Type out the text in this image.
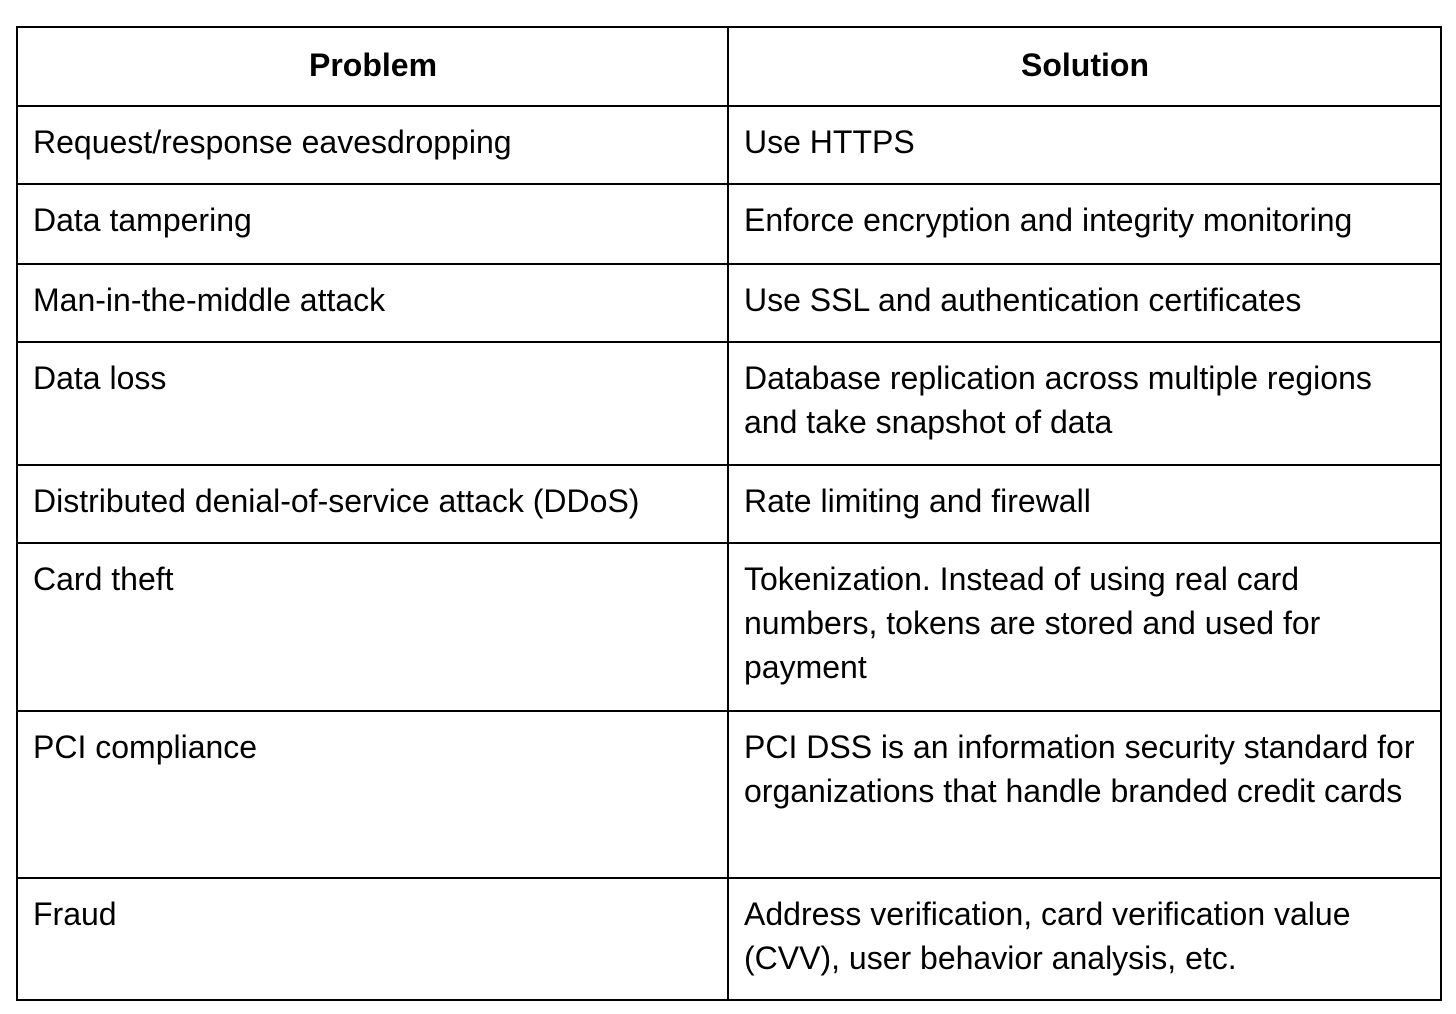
Problem	Solution
Request/response eavesdropping	Use HTTPS
Data tampering	Enforce encryption and integrity monitoring
Man-in-the-middle attack	Use SSL and authentication certificates
Data loss	Database replication across multiple regions and take snapshot of data
Distributed denial-of-service attack (DDoS)	Rate limiting and firewall
Card theft	Tokenization. Instead of using real card numbers, tokens are stored and used for payment
PCI compliance	PCI DSS is an information security standard for organizations that handle branded credit cards
Fraud	Address verification, card verification value (CVV), user behavior analysis, etc.
